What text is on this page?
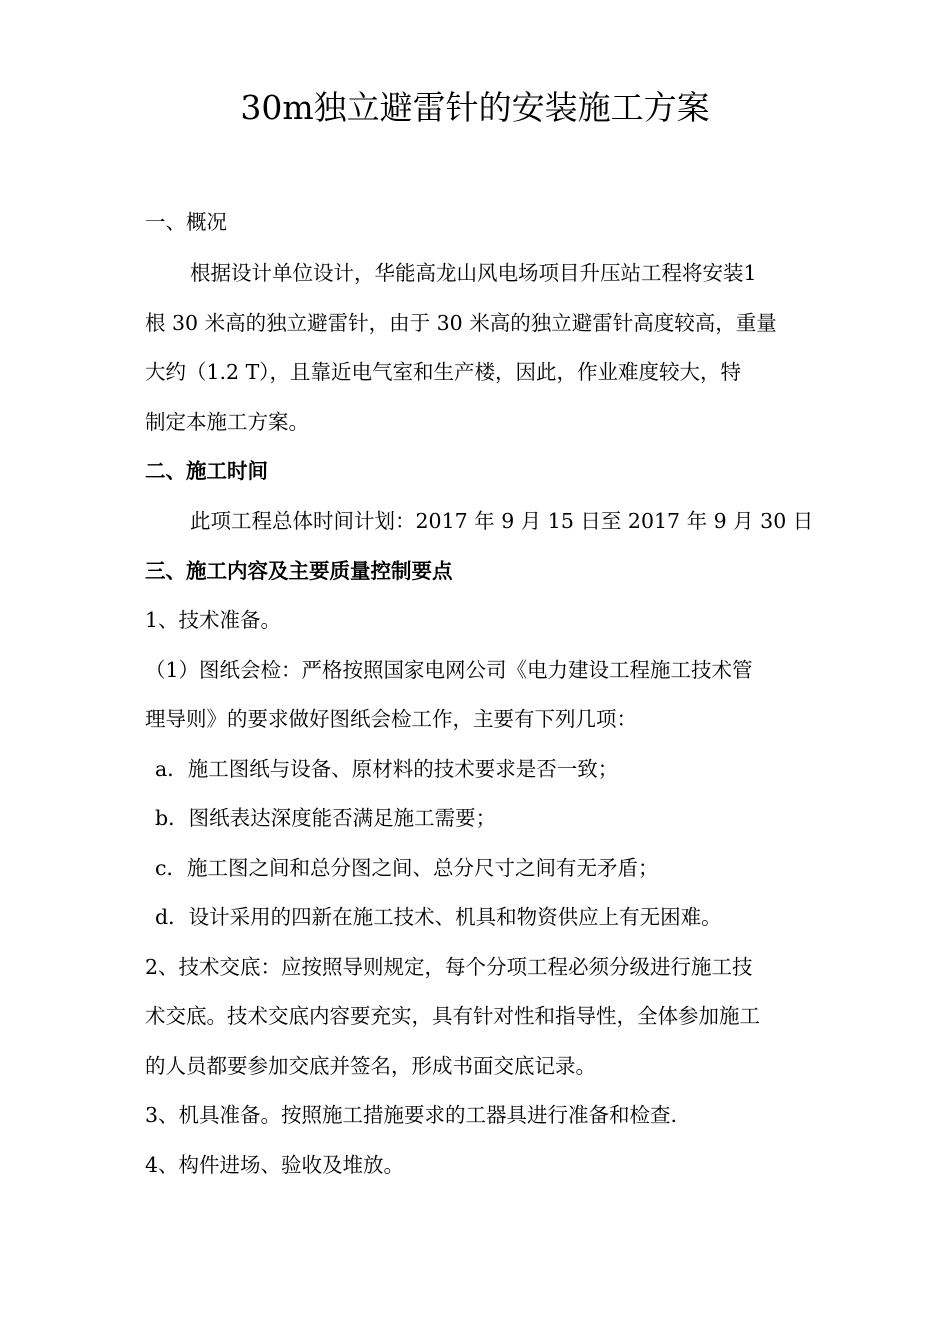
30m独立避雷针的安装施工方案
一、概况
根据设计单位设计，华能高龙山风电场项目升压站工程将安装1
根 30 米高的独立避雷针，由于 30 米高的独立避雷针高度较高，重量
大约（1.2 T），且靠近电气室和生产楼，因此，作业难度较大，特
制定本施工方案。
二、施工时间
此项工程总体时间计划：2017 年 9 月 15 日至 2017 年 9 月 30 日
三、施工内容及主要质量控制要点
1、技术准备。
（1）图纸会检：严格按照国家电网公司《电力建设工程施工技术管
理导则》的要求做好图纸会检工作，主要有下列几项：
a．施工图纸与设备、原材料的技术要求是否一致；
b．图纸表达深度能否满足施工需要；
c．施工图之间和总分图之间、总分尺寸之间有无矛盾；
d．设计采用的四新在施工技术、机具和物资供应上有无困难。
2、技术交底：应按照导则规定，每个分项工程必须分级进行施工技
术交底。技术交底内容要充实，具有针对性和指导性，全体参加施工
的人员都要参加交底并签名，形成书面交底记录。
3、机具准备。按照施工措施要求的工器具进行准备和检查.
4、构件进场、验收及堆放。
